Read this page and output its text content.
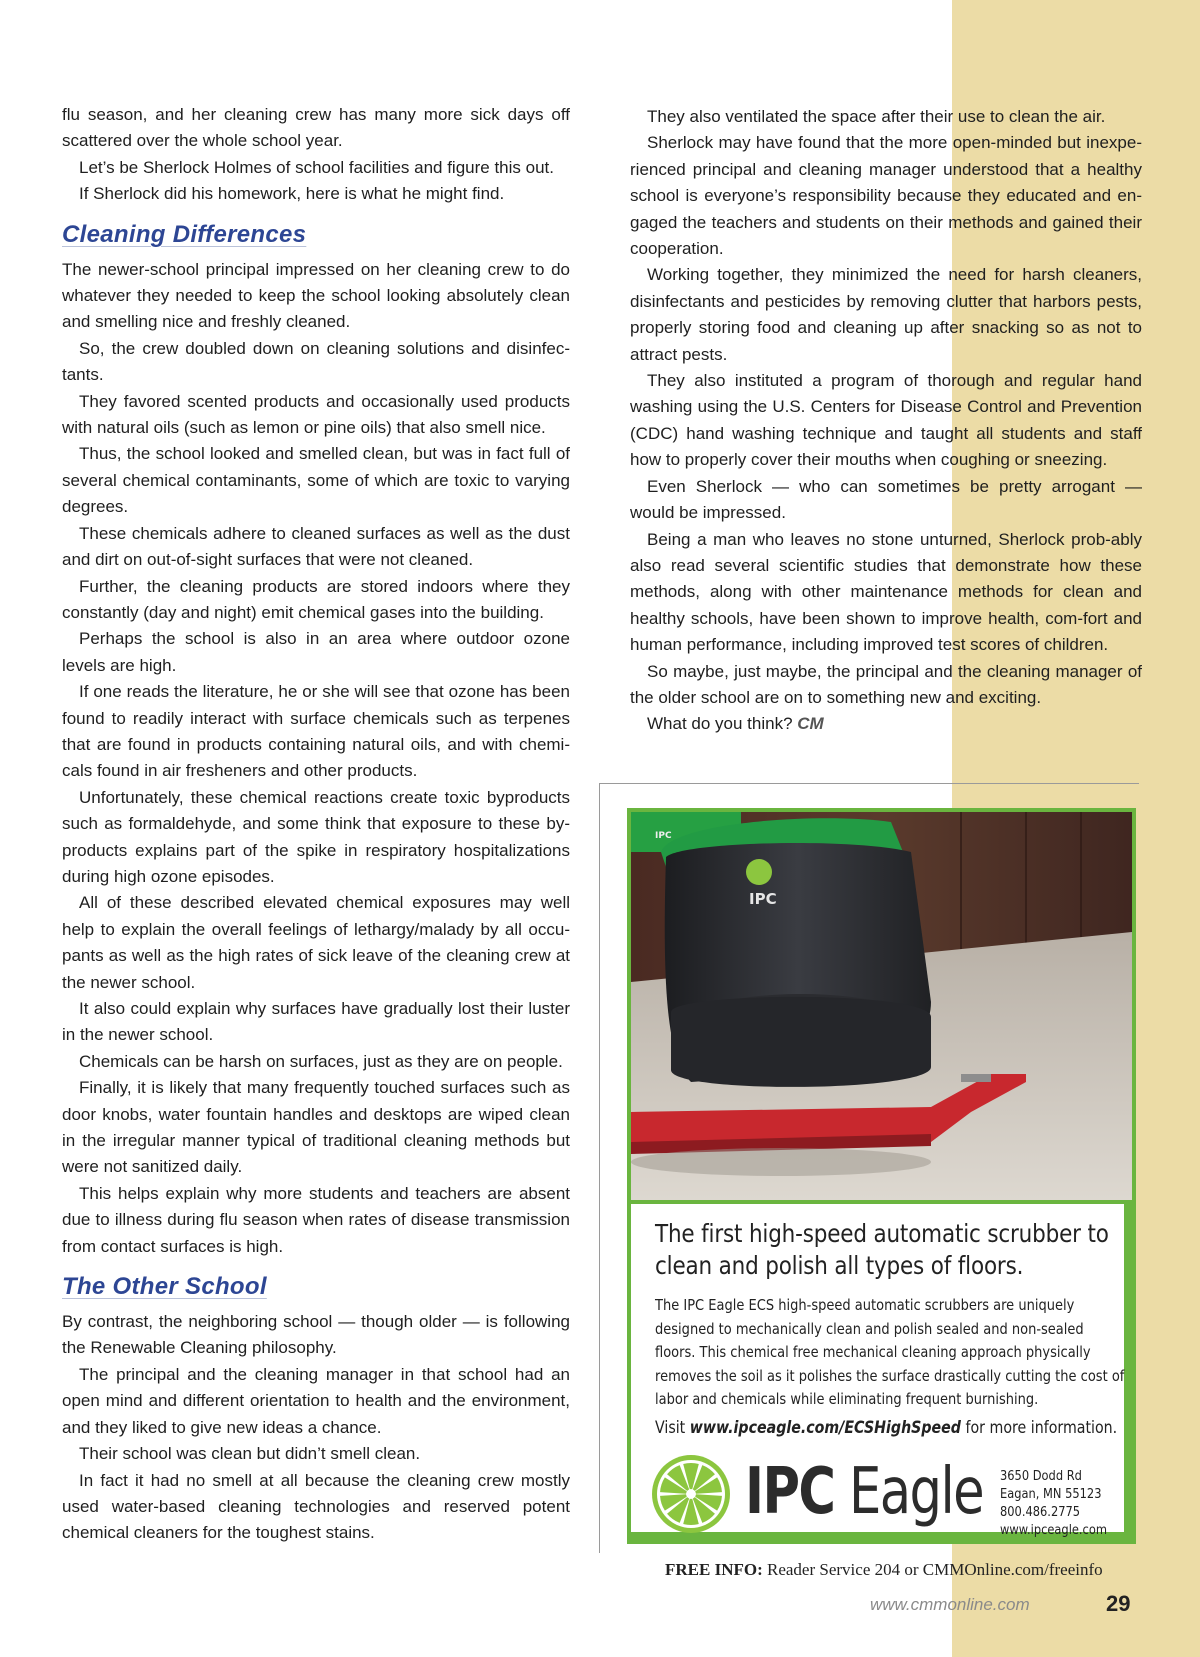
flu season, and her cleaning crew has many more sick days off scattered over the whole school year.

Let’s be Sherlock Holmes of school facilities and figure this out.

If Sherlock did his homework, here is what he might find.

Cleaning Differences

The newer-school principal impressed on her cleaning crew to do whatever they needed to keep the school looking absolutely clean and smelling nice and freshly cleaned.

So, the crew doubled down on cleaning solutions and disinfec-tants.

They favored scented products and occasionally used products with natural oils (such as lemon or pine oils) that also smell nice.

Thus, the school looked and smelled clean, but was in fact full of several chemical contaminants, some of which are toxic to varying degrees.

These chemicals adhere to cleaned surfaces as well as the dust and dirt on out-of-sight surfaces that were not cleaned.

Further, the cleaning products are stored indoors where they constantly (day and night) emit chemical gases into the building.

Perhaps the school is also in an area where outdoor ozone levels are high.

If one reads the literature, he or she will see that ozone has been found to readily interact with surface chemicals such as terpenes that are found in products containing natural oils, and with chemi-cals found in air fresheners and other products.

Unfortunately, these chemical reactions create toxic byproducts such as formaldehyde, and some think that exposure to these by-products explains part of the spike in respiratory hospitalizations during high ozone episodes.

All of these described elevated chemical exposures may well help to explain the overall feelings of lethargy/malady by all occu-pants as well as the high rates of sick leave of the cleaning crew at the newer school.

It also could explain why surfaces have gradually lost their luster in the newer school.

Chemicals can be harsh on surfaces, just as they are on people.

Finally, it is likely that many frequently touched surfaces such as door knobs, water fountain handles and desktops are wiped clean in the irregular manner typical of traditional cleaning methods but were not sanitized daily.

This helps explain why more students and teachers are absent due to illness during flu season when rates of disease transmission from contact surfaces is high.

The Other School

By contrast, the neighboring school — though older — is following the Renewable Cleaning philosophy.

The principal and the cleaning manager in that school had an open mind and different orientation to health and the environment, and they liked to give new ideas a chance.

Their school was clean but didn’t smell clean.

In fact it had no smell at all because the cleaning crew mostly used water-based cleaning technologies and reserved potent chemical cleaners for the toughest stains.

They also ventilated the space after their use to clean the air.

Sherlock may have found that the more open-minded but inexpe-rienced principal and cleaning manager understood that a healthy school is everyone’s responsibility because they educated and en-gaged the teachers and students on their methods and gained their cooperation.

Working together, they minimized the need for harsh cleaners, disinfectants and pesticides by removing clutter that harbors pests, properly storing food and cleaning up after snacking so as not to attract pests.

They also instituted a program of thorough and regular hand washing using the U.S. Centers for Disease Control and Prevention (CDC) hand washing technique and taught all students and staff how to properly cover their mouths when coughing or sneezing.

Even Sherlock — who can sometimes be pretty arrogant — would be impressed.

Being a man who leaves no stone unturned, Sherlock prob-ably also read several scientific studies that demonstrate how these methods, along with other maintenance methods for clean and healthy schools, have been shown to improve health, com-fort and human performance, including improved test scores of children.

So maybe, just maybe, the principal and the cleaning manager of the older school are on to something new and exciting.

What do you think? CM

IPC
IPC

The first high-speed automatic scrubber to clean and polish all types of floors.

The IPC Eagle ECS high-speed automatic scrubbers are uniquely designed to mechanically clean and polish sealed and non-sealed floors. This chemical free mechanical cleaning approach physically removes the soil as it polishes the surface drastically cutting the cost of labor and chemicals while eliminating frequent burnishing.

Visit www.ipceagle.com/ECSHighSpeed for more information.

IPC Eagle 3650 Dodd Rd
Eagan, MN 55123
800.486.2775
www.ipceagle.com
FREE INFO: Reader Service 204 or CMMOnline.com/freeinfo
www.cmmonline.com	29
